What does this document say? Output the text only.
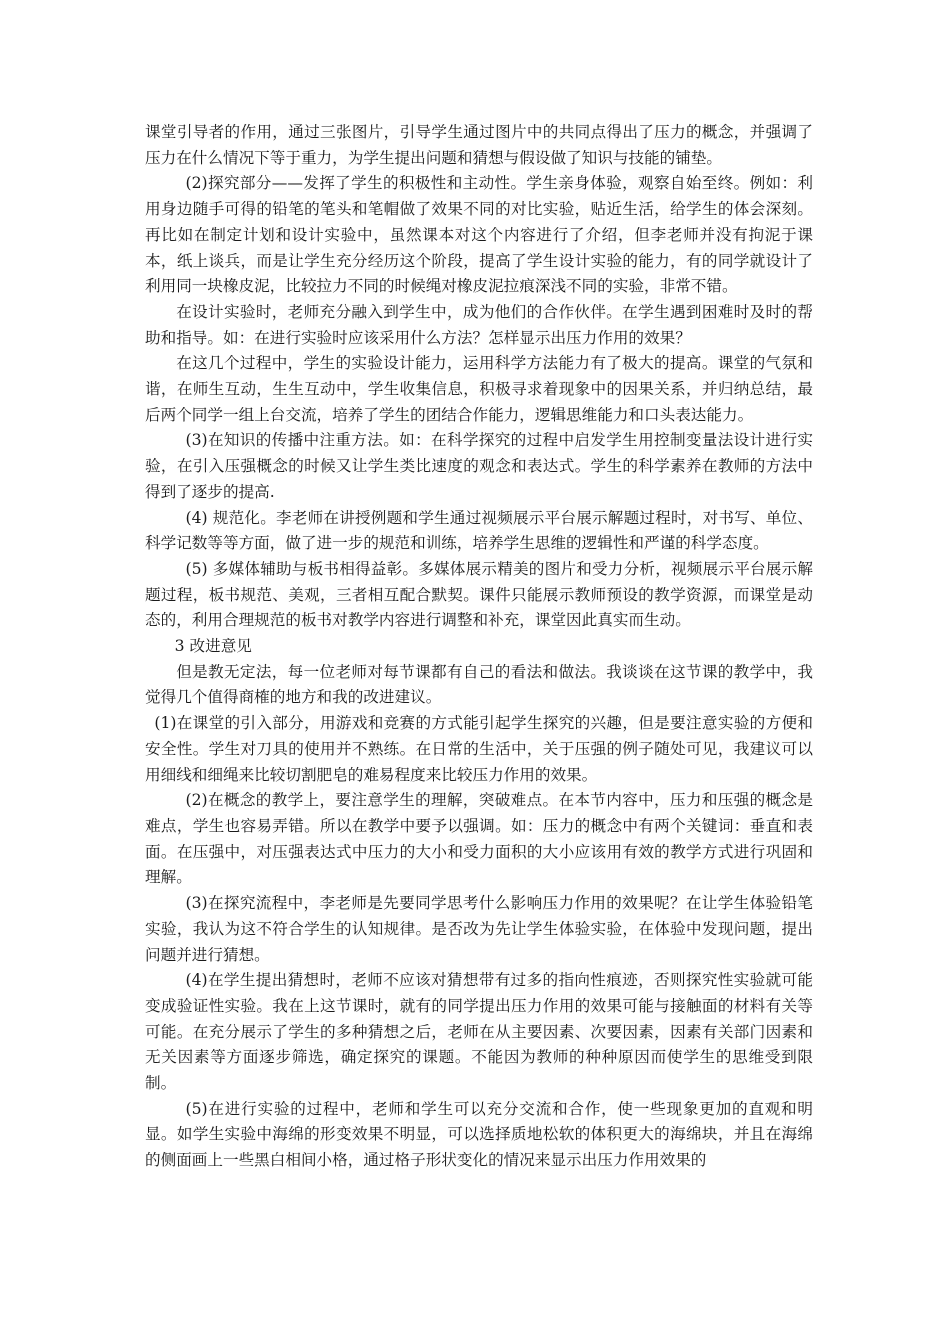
课堂引导者的作用，通过三张图片，引导学生通过图片中的共同点得出了压力的概念，并强调了压力在什么情况下等于重力，为学生提出问题和猜想与假设做了知识与技能的铺垫。

(2)探究部分——发挥了学生的积极性和主动性。学生亲身体验，观察自始至终。例如：利用身边随手可得的铅笔的笔头和笔帽做了效果不同的对比实验，贴近生活，给学生的体会深刻。再比如在制定计划和设计实验中，虽然课本对这个内容进行了介绍，但李老师并没有拘泥于课本，纸上谈兵，而是让学生充分经历这个阶段，提高了学生设计实验的能力，有的同学就设计了利用同一块橡皮泥，比较拉力不同的时候绳对橡皮泥拉痕深浅不同的实验，非常不错。

在设计实验时，老师充分融入到学生中，成为他们的合作伙伴。在学生遇到困难时及时的帮助和指导。如：在进行实验时应该采用什么方法？怎样显示出压力作用的效果？

在这几个过程中，学生的实验设计能力，运用科学方法能力有了极大的提高。课堂的气氛和谐，在师生互动，生生互动中，学生收集信息，积极寻求着现象中的因果关系，并归纳总结，最后两个同学一组上台交流，培养了学生的团结合作能力，逻辑思维能力和口头表达能力。

(3)在知识的传播中注重方法。如：在科学探究的过程中启发学生用控制变量法设计进行实验，在引入压强概念的时候又让学生类比速度的观念和表达式。学生的科学素养在教师的方法中得到了逐步的提高.

(4) 规范化。李老师在讲授例题和学生通过视频展示平台展示解题过程时，对书写、单位、科学记数等等方面，做了进一步的规范和训练，培养学生思维的逻辑性和严谨的科学态度。

(5) 多媒体辅助与板书相得益彰。多媒体展示精美的图片和受力分析，视频展示平台展示解题过程，板书规范、美观，三者相互配合默契。课件只能展示教师预设的教学资源，而课堂是动态的，利用合理规范的板书对教学内容进行调整和补充，课堂因此真实而生动。

3 改进意见

但是教无定法，每一位老师对每节课都有自己的看法和做法。我谈谈在这节课的教学中，我觉得几个值得商榷的地方和我的改进建议。

(1)在课堂的引入部分，用游戏和竞赛的方式能引起学生探究的兴趣，但是要注意实验的方便和安全性。学生对刀具的使用并不熟练。在日常的生活中，关于压强的例子随处可见，我建议可以用细线和细绳来比较切割肥皂的难易程度来比较压力作用的效果。

(2)在概念的教学上，要注意学生的理解，突破难点。在本节内容中，压力和压强的概念是难点，学生也容易弄错。所以在教学中要予以强调。如：压力的概念中有两个关键词：垂直和表面。在压强中，对压强表达式中压力的大小和受力面积的大小应该用有效的教学方式进行巩固和理解。

(3)在探究流程中，李老师是先要同学思考什么影响压力作用的效果呢？在让学生体验铅笔实验，我认为这不符合学生的认知规律。是否改为先让学生体验实验，在体验中发现问题，提出问题并进行猜想。

(4)在学生提出猜想时，老师不应该对猜想带有过多的指向性痕迹，否则探究性实验就可能变成验证性实验。我在上这节课时，就有的同学提出压力作用的效果可能与接触面的材料有关等可能。在充分展示了学生的多种猜想之后，老师在从主要因素、次要因素，因素有关部门因素和无关因素等方面逐步筛选，确定探究的课题。不能因为教师的种种原因而使学生的思维受到限制。

(5)在进行实验的过程中，老师和学生可以充分交流和合作，使一些现象更加的直观和明显。如学生实验中海绵的形变效果不明显，可以选择质地松软的体积更大的海绵块，并且在海绵的侧面画上一些黑白相间小格，通过格子形状变化的情况来显示出压力作用效果的
